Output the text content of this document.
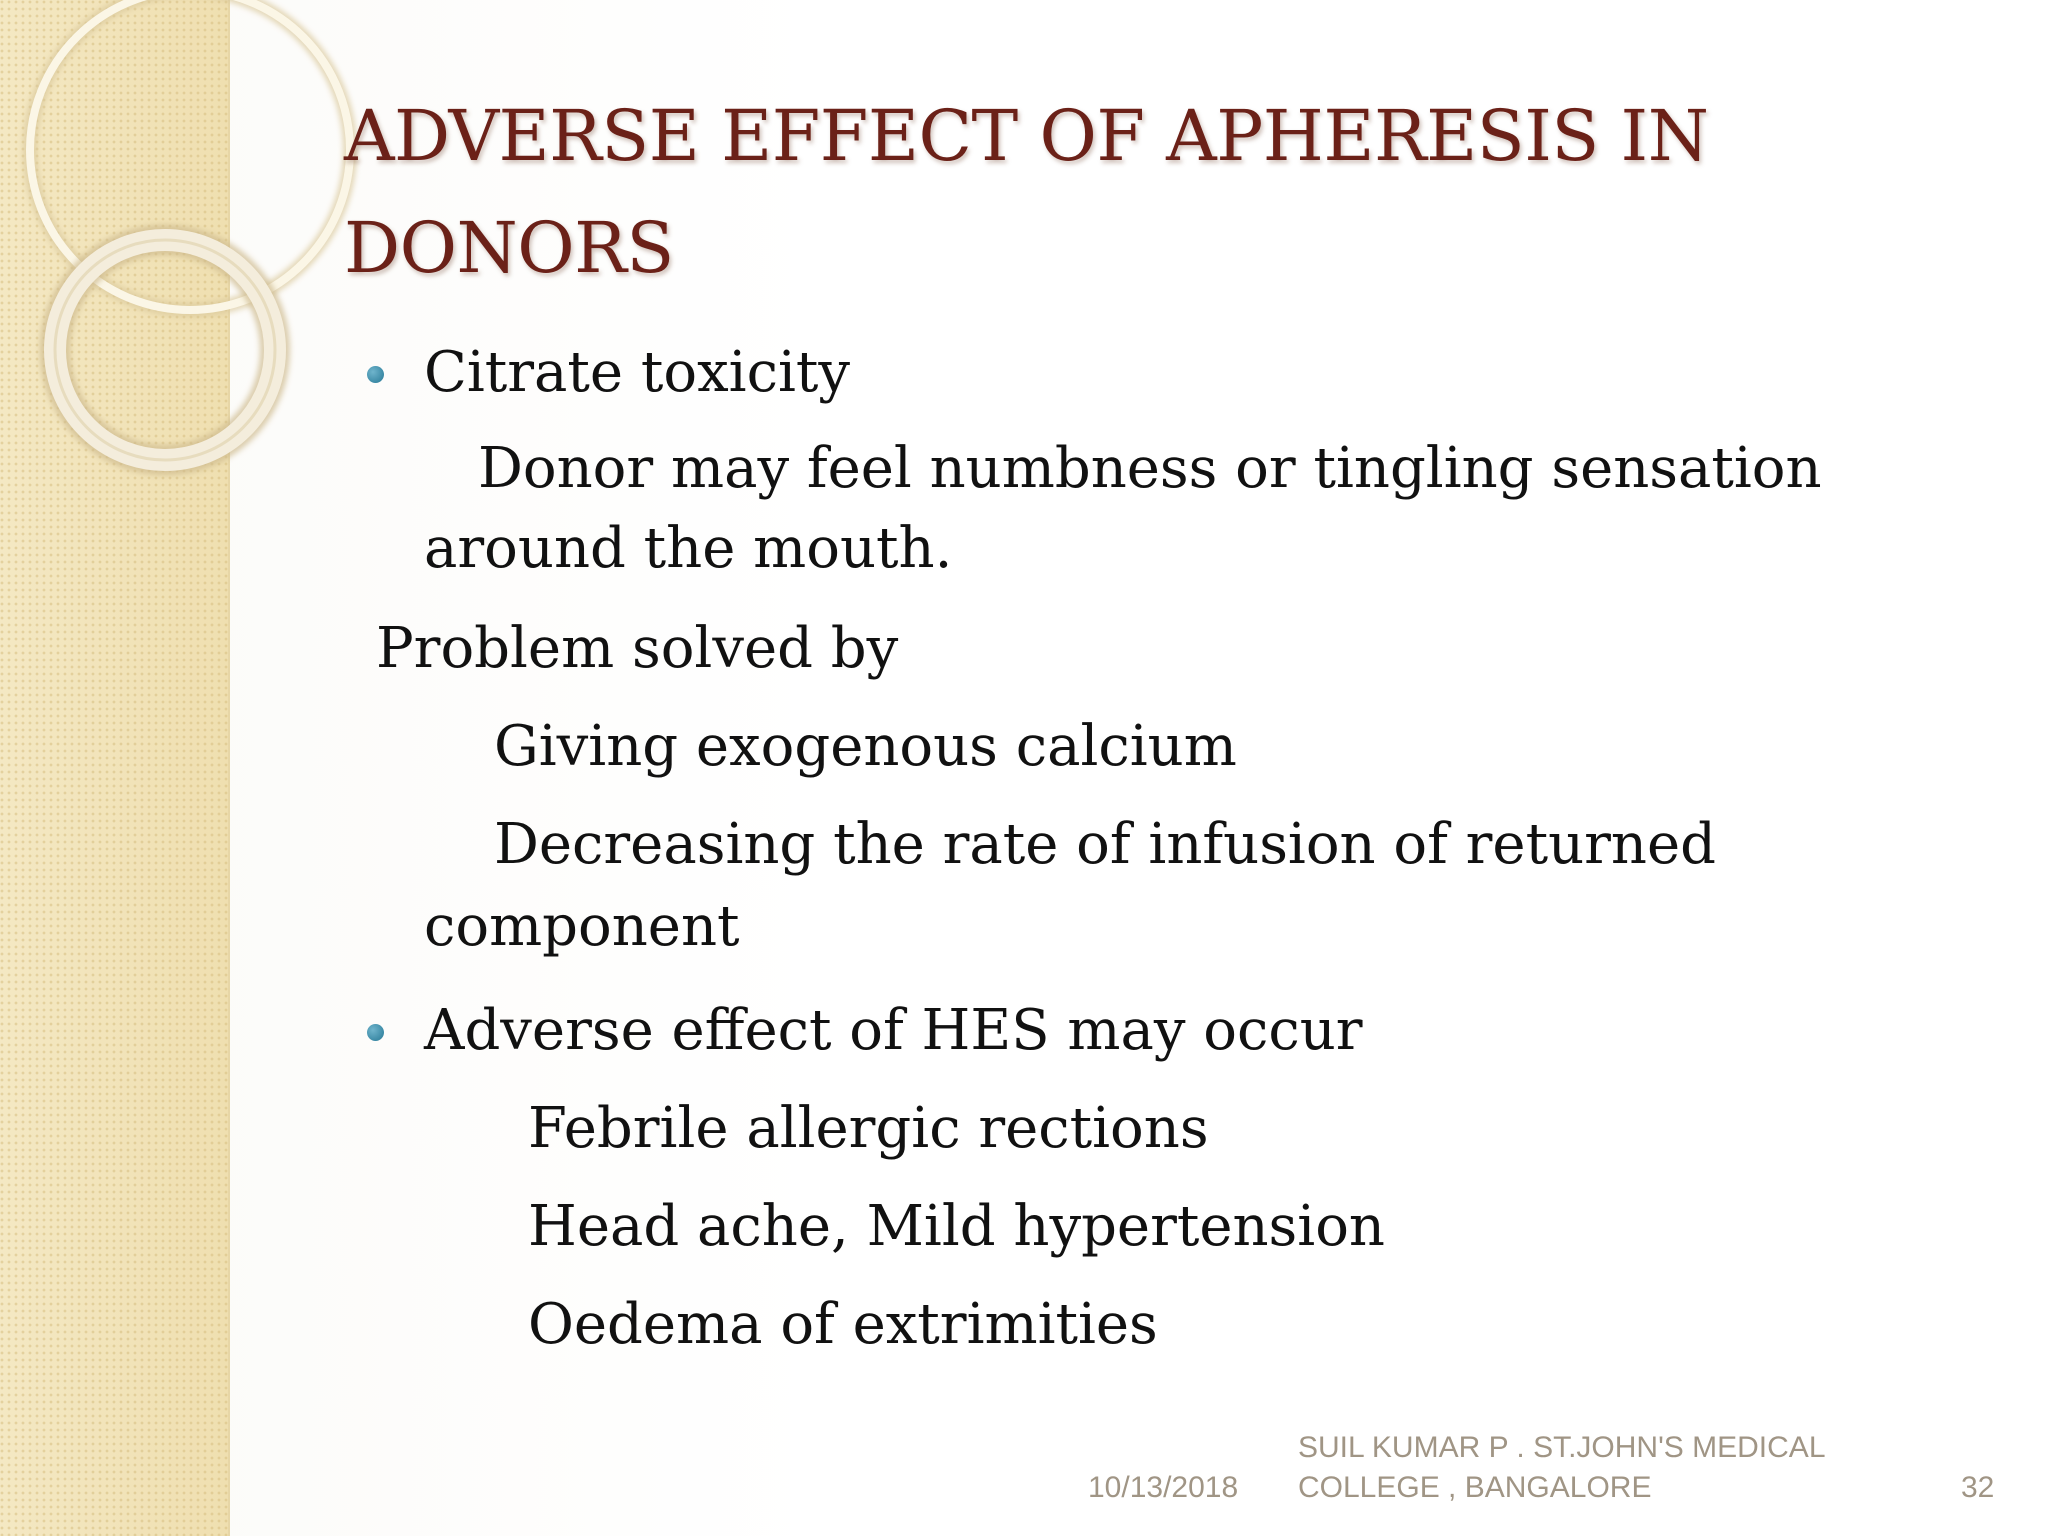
ADVERSE EFFECT OF APHERESIS IN
DONORS
Citrate toxicity
Donor may feel numbness or tingling sensation
around the mouth.
Problem solved by
Giving exogenous calcium
Decreasing the rate of infusion of returned
component
Adverse effect of HES may occur
Febrile allergic rections
Head ache, Mild hypertension
Oedema of extrimities
10/13/2018
SUIL KUMAR P . ST.JOHN'S MEDICAL
COLLEGE , BANGALORE	32
